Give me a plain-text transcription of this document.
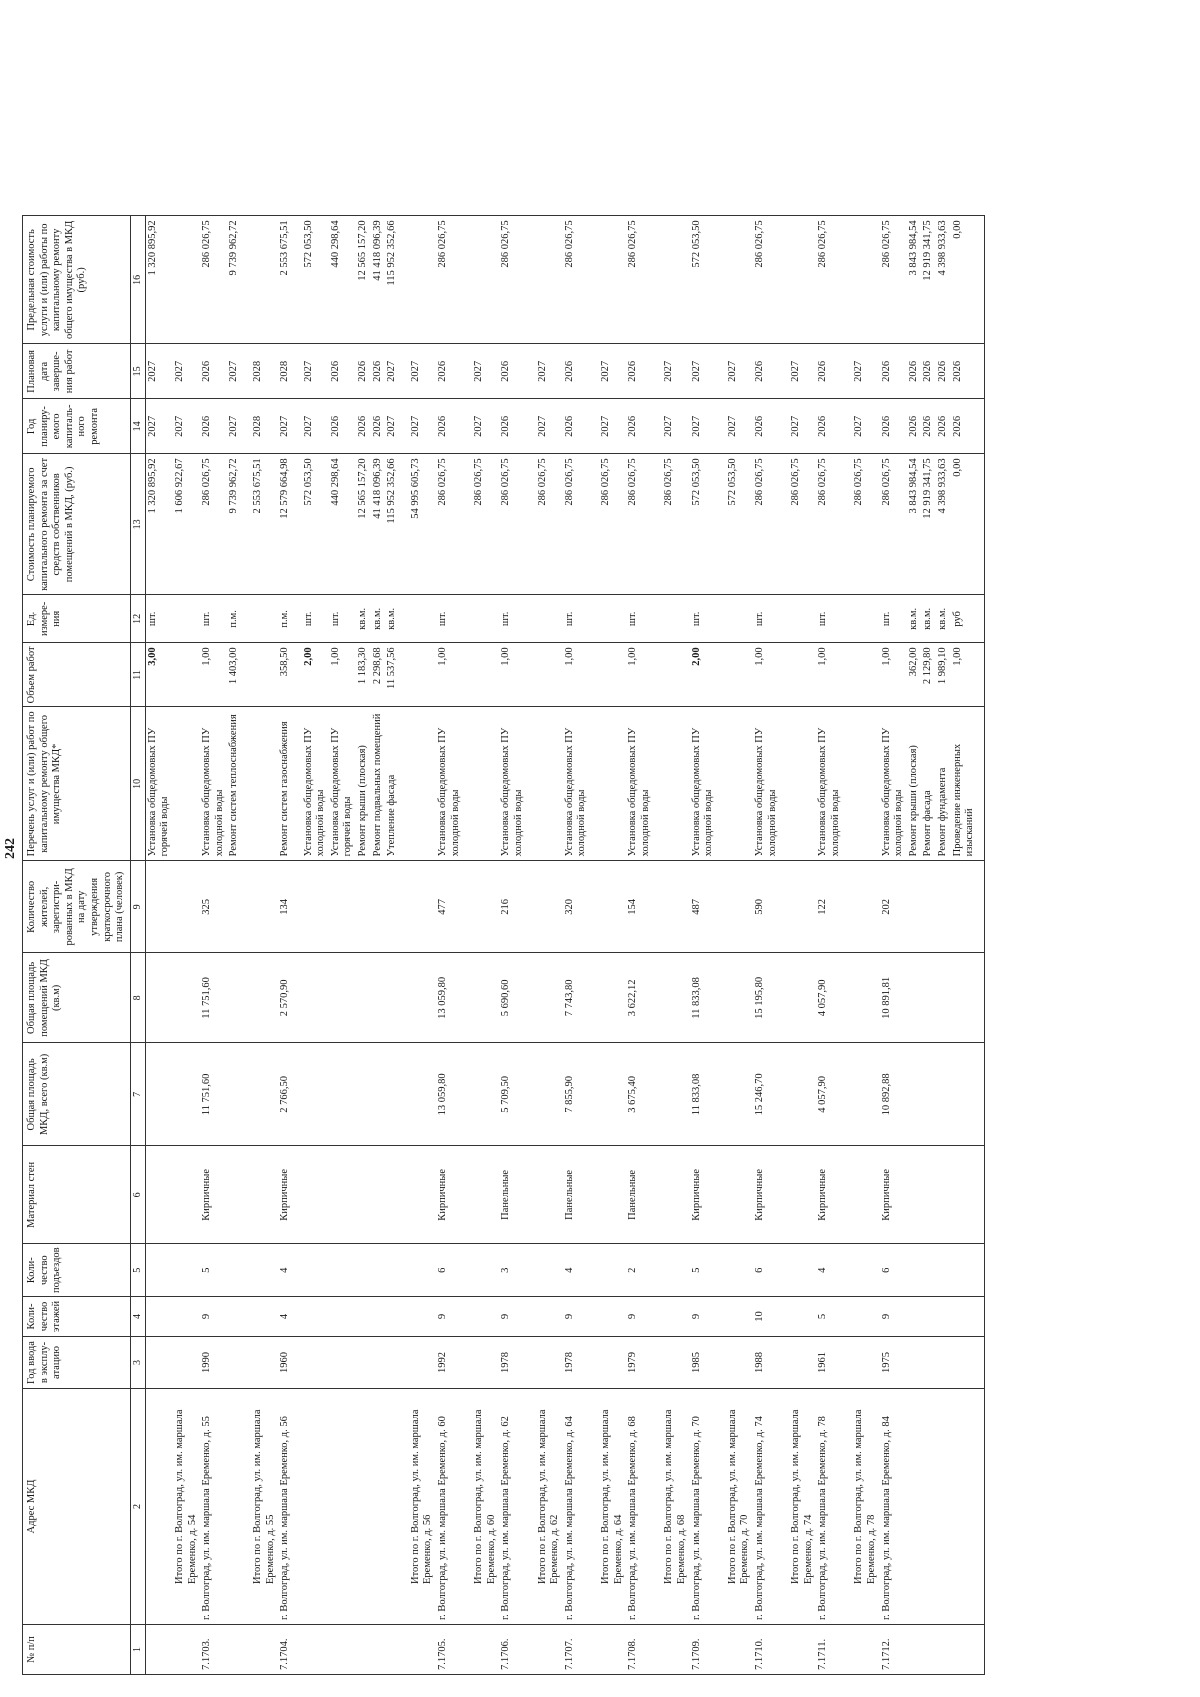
242
№ п/п	Адрес МКД	Год ввода в эксплу-атацию	Коли-чество этажей	Коли-чество подъездов	Материал стен	Общая площадь МКД, всего (кв.м)	Общая площадь помещений МКД (кв.м)	Количество жителей, зарегистри-рованных в МКД на дату утверждения краткосрочного плана (человек)	Перечень услуг и (или) работ по капитальному ремонту общего имущества МКД*	Объем работ	Ед. измере-ния	Стоимость планируемого капитального ремонта за счет средств собственников помещений в МКД, (руб.)	Год планиру-емого капиталь-ного ремонта	Плановая дата заверше-ния работ	Предельная стоимость услуги и (или) работы по капитальному ремонту общего имущества в МКД (руб.)
1	2	3	4	5	6	7	8	9	10	11	12	13	14	15	16

									Установка общедомовых ПУ горячей воды	3,00	шт.	1 320 895,92	2027	2027	1 320 895,92
	Итого по г. Волгоград, ул. им. маршала Еременко, д. 54											1 606 922,67	2027	2027	
7.1703.	г. Волгоград, ул. им. маршала Еременко, д. 55	1990	9	5	Кирпичные	11 751,60	11 751,60	325	Установка общедомовых ПУ холодной воды	1,00	шт.	286 026,75	2026	2026	286 026,75

									Ремонт систем теплоснабжения	1 403,00	п.м.	9 739 962,72	2027	2027	9 739 962,72

	Итого по г. Волгоград, ул. им. маршала Еременко, д. 55											2 553 675,51	2028	2028	
7.1704.	г. Волгоград, ул. им. маршала Еременко, д. 56	1960	4	4	Кирпичные	2 766,50	2 570,90	134	Ремонт систем газоснабжения	358,50	п.м.	12 579 664,98	2027	2028	2 553 675,51

									Установка общедомовых ПУ холодной воды	2,00	шт.	572 053,50	2027	2027	572 053,50

									Установка общедомовых ПУ горячей воды	1,00	шт.	440 298,64	2026	2026	440 298,64

									Ремонт крыши (плоская)	1 183,30	кв.м.	12 565 157,20	2026	2026	12 565 157,20

									Ремонт подвальных помещений	2 298,68	кв.м.	41 418 096,39	2026	2026	41 418 096,39

									Утепление фасада	11 537,56	кв.м.	115 952 352,66	2027	2027	115 952 352,66

	Итого по г. Волгоград, ул. им. маршала Еременко, д. 56											54 995 605,73	2027	2027	
7.1705.	г. Волгоград, ул. им. маршала Еременко, д. 60	1992	9	6	Кирпичные	13 059,80	13 059,80	477	Установка общедомовых ПУ холодной воды	1,00	шт.	286 026,75	2026	2026	286 026,75

	Итого по г. Волгоград, ул. им. маршала Еременко, д. 60											286 026,75	2027	2027	
7.1706.	г. Волгоград, ул. им. маршала Еременко, д. 62	1978	9	3	Панельные	5 709,50	5 690,60	216	Установка общедомовых ПУ холодной воды	1,00	шт.	286 026,75	2026	2026	286 026,75

	Итого по г. Волгоград, ул. им. маршала Еременко, д. 62											286 026,75	2027	2027	
7.1707.	г. Волгоград, ул. им. маршала Еременко, д. 64	1978	9	4	Панельные	7 855,90	7 743,80	320	Установка общедомовых ПУ холодной воды	1,00	шт.	286 026,75	2026	2026	286 026,75

	Итого по г. Волгоград, ул. им. маршала Еременко, д. 64											286 026,75	2027	2027	
7.1708.	г. Волгоград, ул. им. маршала Еременко, д. 68	1979	9	2	Панельные	3 675,40	3 622,12	154	Установка общедомовых ПУ холодной воды	1,00	шт.	286 026,75	2026	2026	286 026,75

	Итого по г. Волгоград, ул. им. маршала Еременко, д. 68											286 026,75	2027	2027	
7.1709.	г. Волгоград, ул. им. маршала Еременко, д. 70	1985	9	5	Кирпичные	11 833,08	11 833,08	487	Установка общедомовых ПУ холодной воды	2,00	шт.	572 053,50	2027	2027	572 053,50

	Итого по г. Волгоград, ул. им. маршала Еременко, д. 70											572 053,50	2027	2027	
7.1710.	г. Волгоград, ул. им. маршала Еременко, д. 74	1988	10	6	Кирпичные	15 246,70	15 195,80	590	Установка общедомовых ПУ холодной воды	1,00	шт.	286 026,75	2026	2026	286 026,75

	Итого по г. Волгоград, ул. им. маршала Еременко, д. 74											286 026,75	2027	2027	
7.1711.	г. Волгоград, ул. им. маршала Еременко, д. 78	1961	5	4	Кирпичные	4 057,90	4 057,90	122	Установка общедомовых ПУ холодной воды	1,00	шт.	286 026,75	2026	2026	286 026,75

	Итого по г. Волгоград, ул. им. маршала Еременко, д. 78											286 026,75	2027	2027	
7.1712.	г. Волгоград, ул. им. маршала Еременко, д. 84	1975	9	6	Кирпичные	10 892,88	10 891,81	202	Установка общедомовых ПУ холодной воды	1,00	шт.	286 026,75	2026	2026	286 026,75

									Ремонт крыши (плоская)	362,00	кв.м.	3 843 984,54	2026	2026	3 843 984,54

									Ремонт фасада	2 129,80	кв.м.	12 919 341,75	2026	2026	12 919 341,75

									Ремонт фундамента	1 989,10	кв.м.	4 398 933,63	2026	2026	4 398 933,63

									Проведение инженерных изысканий	1,00	руб	0,00	2026	2026	0,00
